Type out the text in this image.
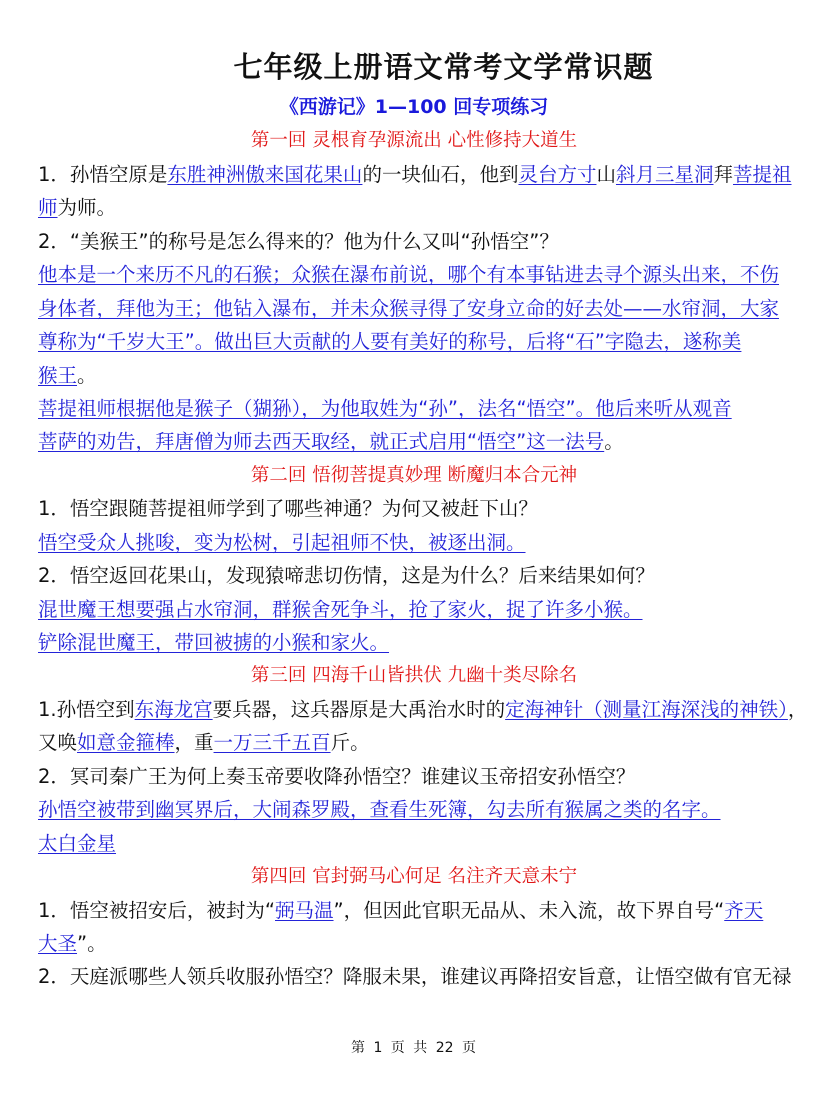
七年级上册语文常考文学常识题
《西游记》1—100 回专项练习
第一回 灵根育孕源流出 心性修持大道生
1．孙悟空原是东胜神洲傲来国花果山的一块仙石，他到灵台方寸山斜月三星洞拜菩提祖
师为师。
2．“美猴王”的称号是怎么得来的？他为什么又叫“孙悟空”？
他本是一个来历不凡的石猴；众猴在瀑布前说，哪个有本事钻进去寻个源头出来，不伤
身体者，拜他为王；他钻入瀑布，并未众猴寻得了安身立命的好去处——水帘洞，大家
尊称为“千岁大王”。做出巨大贡献的人要有美好的称号，后将“石”字隐去，遂称美
猴王。
菩提祖师根据他是猴子（猢狲），为他取姓为“孙”，法名“悟空”。他后来听从观音
菩萨的劝告，拜唐僧为师去西天取经，就正式启用“悟空”这一法号。
第二回 悟彻菩提真妙理 断魔归本合元神
1．悟空跟随菩提祖师学到了哪些神通？为何又被赶下山？
悟空受众人挑唆，变为松树，引起祖师不快，被逐出洞。
2．悟空返回花果山，发现猿啼悲切伤情，这是为什么？后来结果如何？
混世魔王想要强占水帘洞，群猴舍死争斗，抢了家火，捉了许多小猴。
铲除混世魔王，带回被掳的小猴和家火。
第三回 四海千山皆拱伏 九幽十类尽除名
1.孙悟空到东海龙宫要兵器，这兵器原是大禹治水时的定海神针（测量江海深浅的神铁），
又唤如意金箍棒，重一万三千五百斤。
2．冥司秦广王为何上奏玉帝要收降孙悟空？谁建议玉帝招安孙悟空？
孙悟空被带到幽冥界后，大闹森罗殿，查看生死簿，勾去所有猴属之类的名字。
太白金星
第四回 官封弼马心何足 名注齐天意未宁
1．悟空被招安后，被封为“弼马温”，但因此官职无品从、未入流，故下界自号“齐天
大圣”。
2．天庭派哪些人领兵收服孙悟空？降服未果，谁建议再降招安旨意，让悟空做有官无禄
第 1 页 共 22 页
